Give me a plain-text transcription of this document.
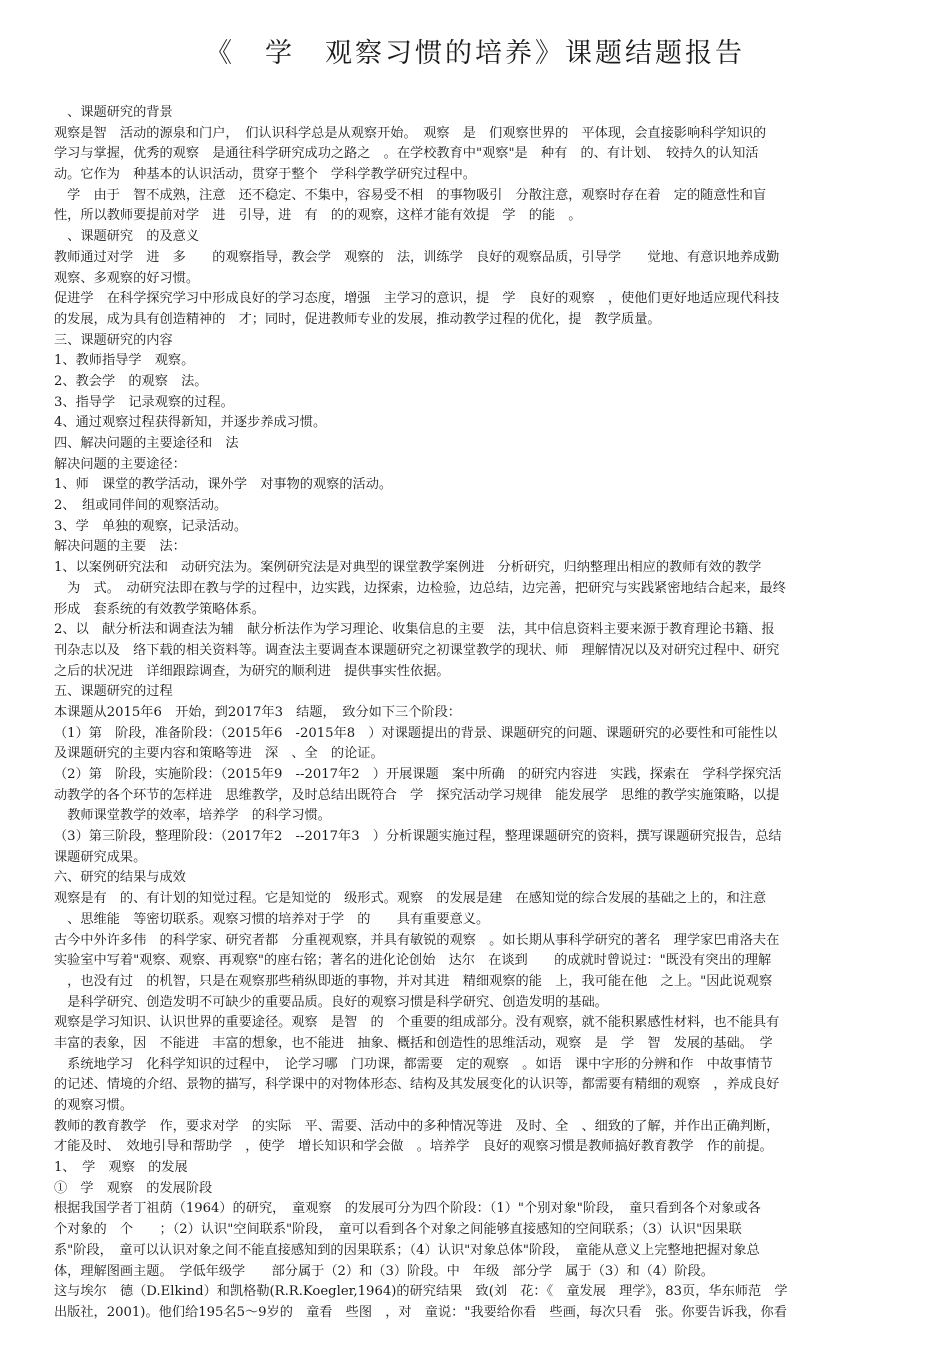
《　学　观察习惯的培养》课题结题报告
　、课题研究的背景
观察是智　活动的源泉和门户，　们认识科学总是从观察开始。　观察　是　们观察世界的　平体现，会直接影响科学知识的
学习与掌握，优秀的观察　是通往科学研究成功之路之　。在学校教育中"观察"是　种有　的、有计划、　较持久的认知活
动。它作为　种基本的认识活动，贯穿于整个　学科学教学研究过程中。
　学　由于　智不成熟，注意　还不稳定、不集中，容易受不相　的事物吸引　分散注意，观察时存在着　定的随意性和盲
性，所以教师要提前对学　进　引导，进　有　的的观察，这样才能有效提　学　的能　。
　、课题研究　的及意义
教师通过对学　进　多　　的观察指导，教会学　观察的　法，训练学　良好的观察品质，引导学　　觉地、有意识地养成勤
观察、多观察的好习惯。
促进学　在科学探究学习中形成良好的学习态度，增强　主学习的意识，提　学　良好的观察　，使他们更好地适应现代科技
的发展，成为具有创造精神的　才；同时，促进教师专业的发展，推动教学过程的优化，提　教学质量。
三、课题研究的内容
1、教师指导学　观察。
2、教会学　的观察　法。
3、指导学　记录观察的过程。
4、通过观察过程获得新知，并逐步养成习惯。
四、解决问题的主要途径和　法
解决问题的主要途径：
1、师　课堂的教学活动，课外学　对事物的观察的活动。
2、　组或同伴间的观察活动。
3、学　单独的观察，记录活动。
解决问题的主要　法：
1、以案例研究法和　动研究法为。案例研究法是对典型的课堂教学案例进　分析研究，归纳整理出相应的教师有效的教学
　为　式。　动研究法即在教与学的过程中，边实践，边探索，边检验，边总结，边完善，把研究与实践紧密地结合起来，最终
形成　套系统的有效教学策略体系。
2、以　献分析法和调查法为辅　献分析法作为学习理论、收集信息的主要　法，其中信息资料主要来源于教育理论书籍、报
刊杂志以及　络下载的相关资料等。调查法主要调查本课题研究之初课堂教学的现状、师　理解情况以及对研究过程中、研究
之后的状况进　详细跟踪调查，为研究的顺利进　提供事实性依据。
五、课题研究的过程
本课题从2015年6　开始，到2017年3　结题，　致分如下三个阶段：
（1）第　阶段，准备阶段：（2015年6　-2015年8　）对课题提出的背景、课题研究的问题、课题研究的必要性和可能性以
及课题研究的主要内容和策略等进　深　、全　的论证。
（2）第　阶段，实施阶段：（2015年9　--2017年2　）开展课题　案中所确　的研究内容进　实践，探索在　学科学探究活
动教学的各个环节的怎样进　思维教学，及时总结出既符合　学　探究活动学习规律　能发展学　思维的教学实施策略，以提
　教师课堂教学的效率，培养学　的科学习惯。
（3）第三阶段，整理阶段：（2017年2　--2017年3　）分析课题实施过程，整理课题研究的资料，撰写课题研究报告，总结
课题研究成果。
六、研究的结果与成效
观察是有　的、有计划的知觉过程。它是知觉的　级形式。观察　的发展是建　在感知觉的综合发展的基础之上的，和注意
　、思维能　等密切联系。观察习惯的培养对于学　的　　具有重要意义。
古今中外许多伟　的科学家、研究者都　分重视观察，并具有敏锐的观察　。如长期从事科学研究的著名　理学家巴甫洛夫在
实验室中写着"观察、观察、再观察"的座右铭；著名的进化论创始　达尔　在谈到　　的成就时曾说过："既没有突出的理解
　，也没有过　的机智，只是在观察那些稍纵即逝的事物，并对其进　精细观察的能　上，我可能在他　之上。"因此说观察
　是科学研究、创造发明不可缺少的重要品质。良好的观察习惯是科学研究、创造发明的基础。
观察是学习知识、认识世界的重要途径。观察　是智　的　个重要的组成部分。没有观察，就不能积累感性材料，也不能具有
丰富的表象，因　不能进　丰富的想象，也不能进　抽象、概括和创造性的思维活动，观察　是　学　智　发展的基础。　学
　系统地学习　化科学知识的过程中，　论学习哪　门功课，都需要　定的观察　。如语　课中字形的分辨和作　中故事情节
的记述、情境的介绍、景物的描写，科学课中的对物体形态、结构及其发展变化的认识等，都需要有精细的观察　，养成良好
的观察习惯。
教师的教育教学　作，要求对学　的实际　平、需要、活动中的多种情况等进　及时、全　、细致的了解，并作出正确判断，
才能及时、　效地引导和帮助学　，使学　增长知识和学会做　。培养学　良好的观察习惯是教师搞好教育教学　作的前提。
1、　学　观察　的发展
①　学　观察　的发展阶段
根据我国学者丁祖荫（1964）的研究，　童观察　的发展可分为四个阶段：（1）"个别对象"阶段，　童只看到各个对象或各
个对象的　个　　；（2）认识"空间联系"阶段，　童可以看到各个对象之间能够直接感知的空间联系；（3）认识"因果联
系"阶段，　童可以认识对象之间不能直接感知到的因果联系；（4）认识"对象总体"阶段，　童能从意义上完整地把握对象总
体，理解图画主题。　学低年级学　　部分属于（2）和（3）阶段。中　年级　部分学　属于（3）和（4）阶段。
这与埃尔　德（D.Elkind）和凯格勒(R.R.Koegler,1964)的研究结果　致(刘　花：《　童发展　理学》，83页，华东师范　学
出版社，2001)。他们给195名5～9岁的　童看　些图　，对　童说："我要给你看　些画，每次只看　张。你要告诉我，你看
